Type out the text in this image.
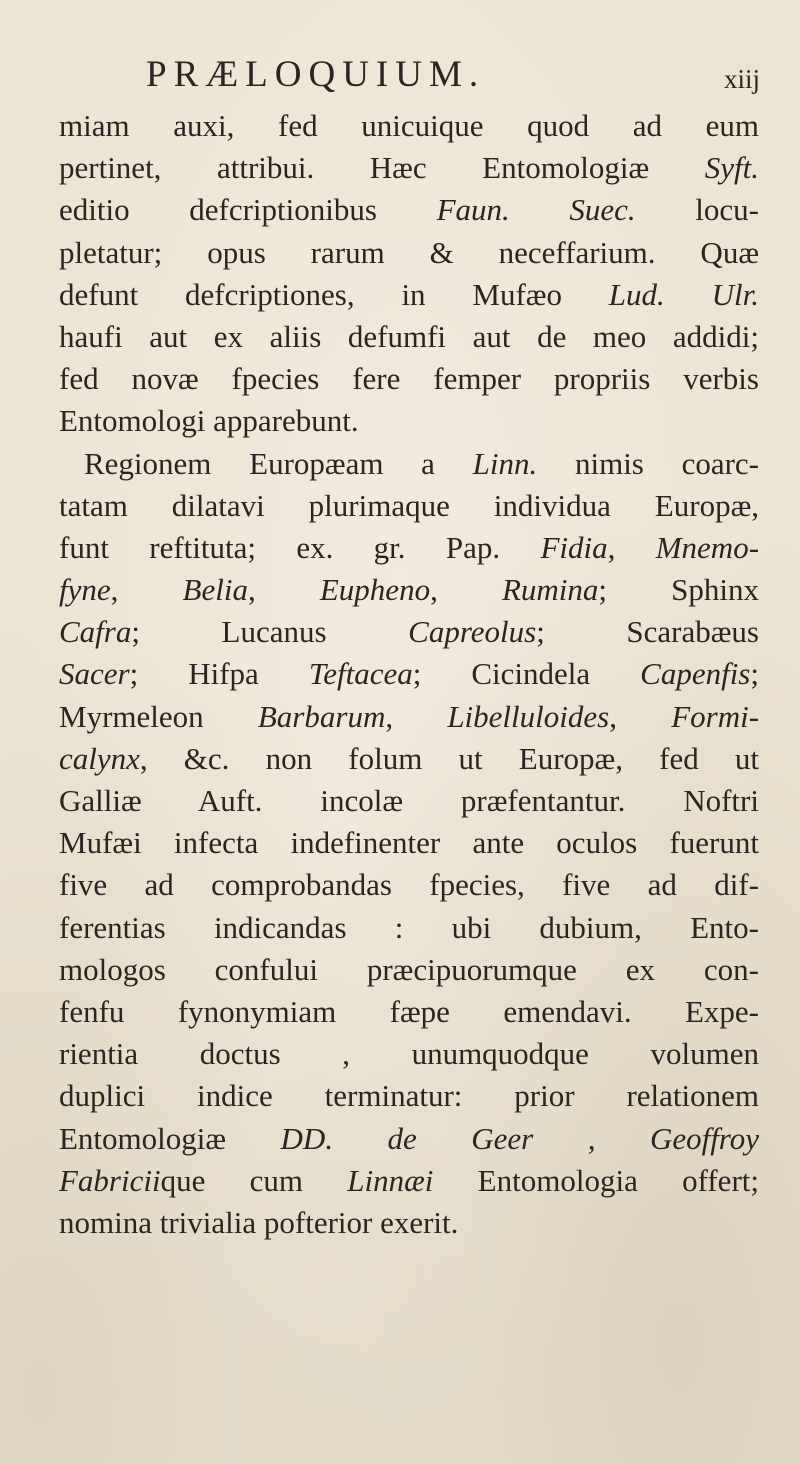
PRÆLOQUIUM.	xiij
miam auxi, fed unicuique quod ad eum
pertinet, attribui. Hæc Entomologiæ Syft.
editio defcriptionibus Faun. Suec. locu-
pletatur; opus rarum & neceffarium. Quæ
defunt defcriptiones, in Mufæo Lud. Ulr.
haufi aut ex aliis defumfi aut de meo addidi;
fed novæ fpecies fere femper propriis verbis
Entomologi apparebunt.
Regionem Europæam a Linn. nimis coarc-
tatam dilatavi plurimaque individua Europæ,
funt reftituta; ex. gr. Pap. Fidia, Mnemo-
fyne, Belia, Eupheno, Rumina; Sphinx
Cafra; Lucanus Capreolus; Scarabæus
Sacer; Hifpa Teftacea; Cicindela Capenfis;
Myrmeleon Barbarum, Libelluloides, Formi-
calynx, &c. non folum ut Europæ, fed ut
Galliæ Auft. incolæ præfentantur. Noftri
Mufæi infecta indefinenter ante oculos fuerunt
five ad comprobandas fpecies, five ad dif-
ferentias indicandas : ubi dubium, Ento-
mologos confului præcipuorumque ex con-
fenfu fynonymiam fæpe emendavi. Expe-
rientia doctus , unumquodque volumen
duplici indice terminatur: prior relationem
Entomologiæ DD. de Geer , Geoffroy
Fabriciique cum Linnæi Entomologia offert;
nomina trivialia pofterior exerit.
